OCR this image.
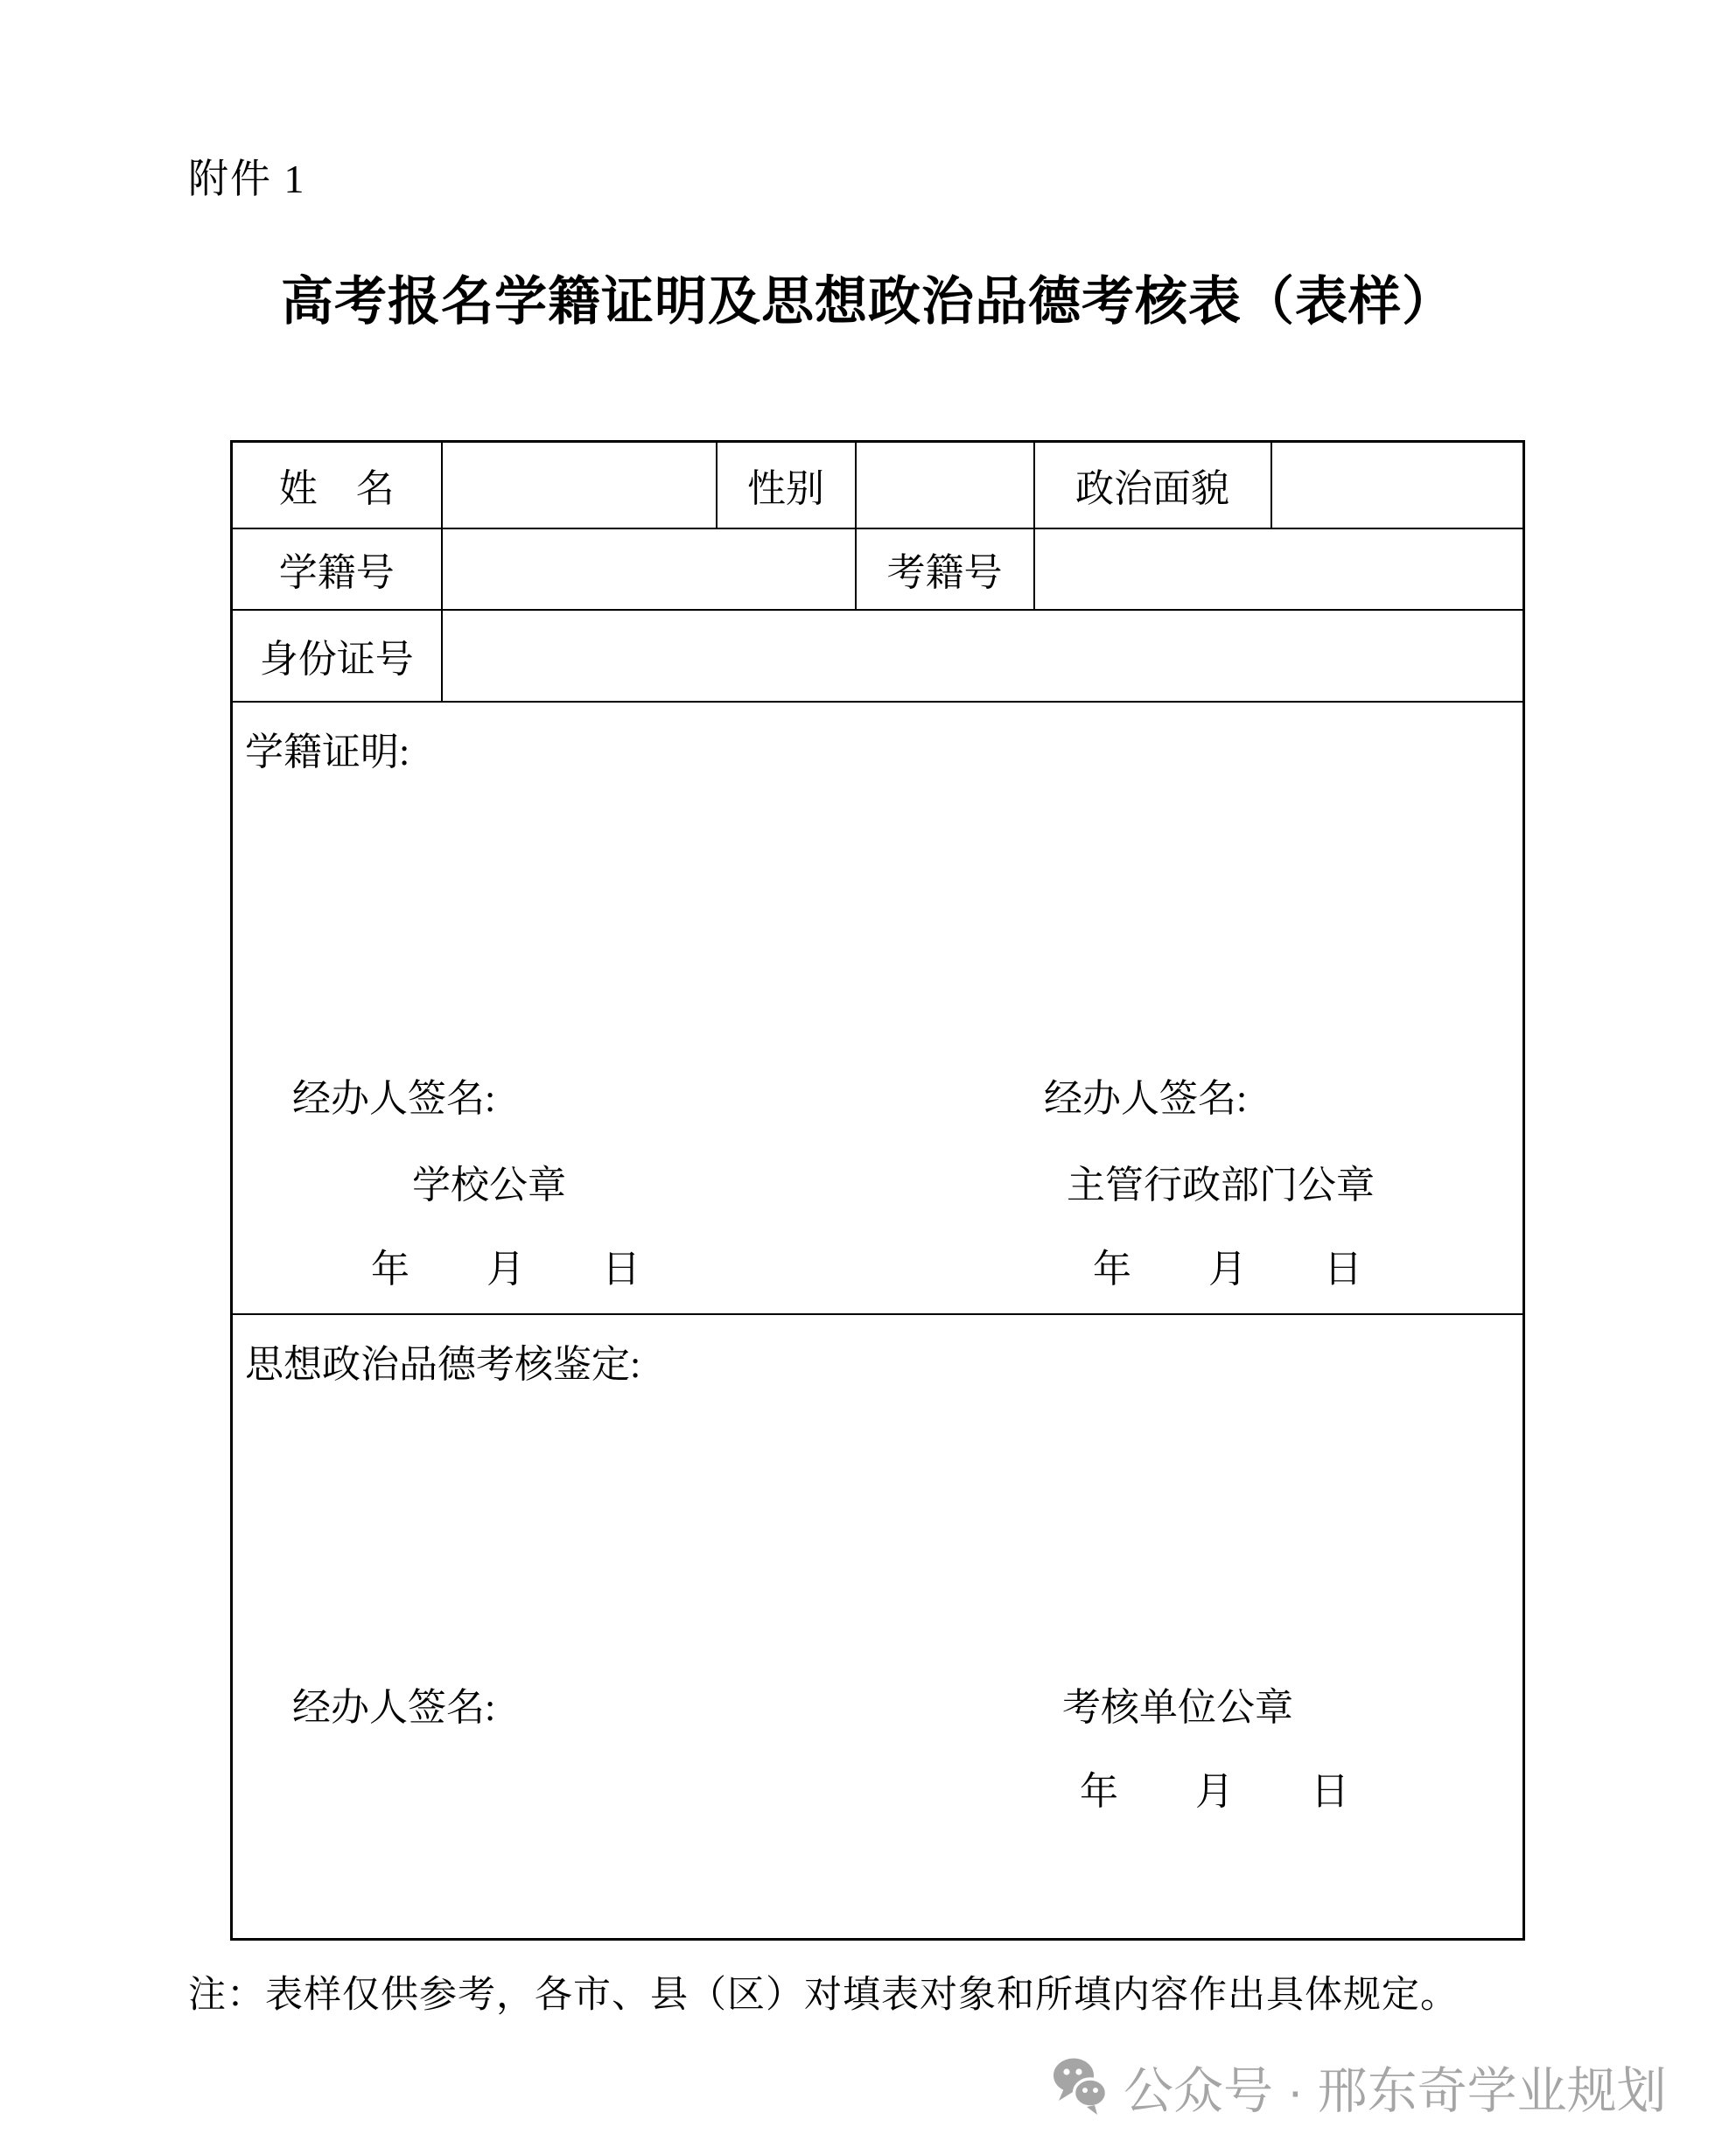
附件 1
高考报名学籍证明及思想政治品德考核表（表样）
姓　名		性别		政治面貌	
学籍号			考籍号		
身份证号					

学籍证明:
经办人签名:	经办人签名:
学校公章	主管行政部门公章
年　　月　　日	年　　月　　日

思想政治品德考核鉴定:
经办人签名: 考核单位公章
年　　月　　日					
注：表样仅供参考，各市、县（区）对填表对象和所填内容作出具体规定。
公众号 · 邢东奇学业规划
